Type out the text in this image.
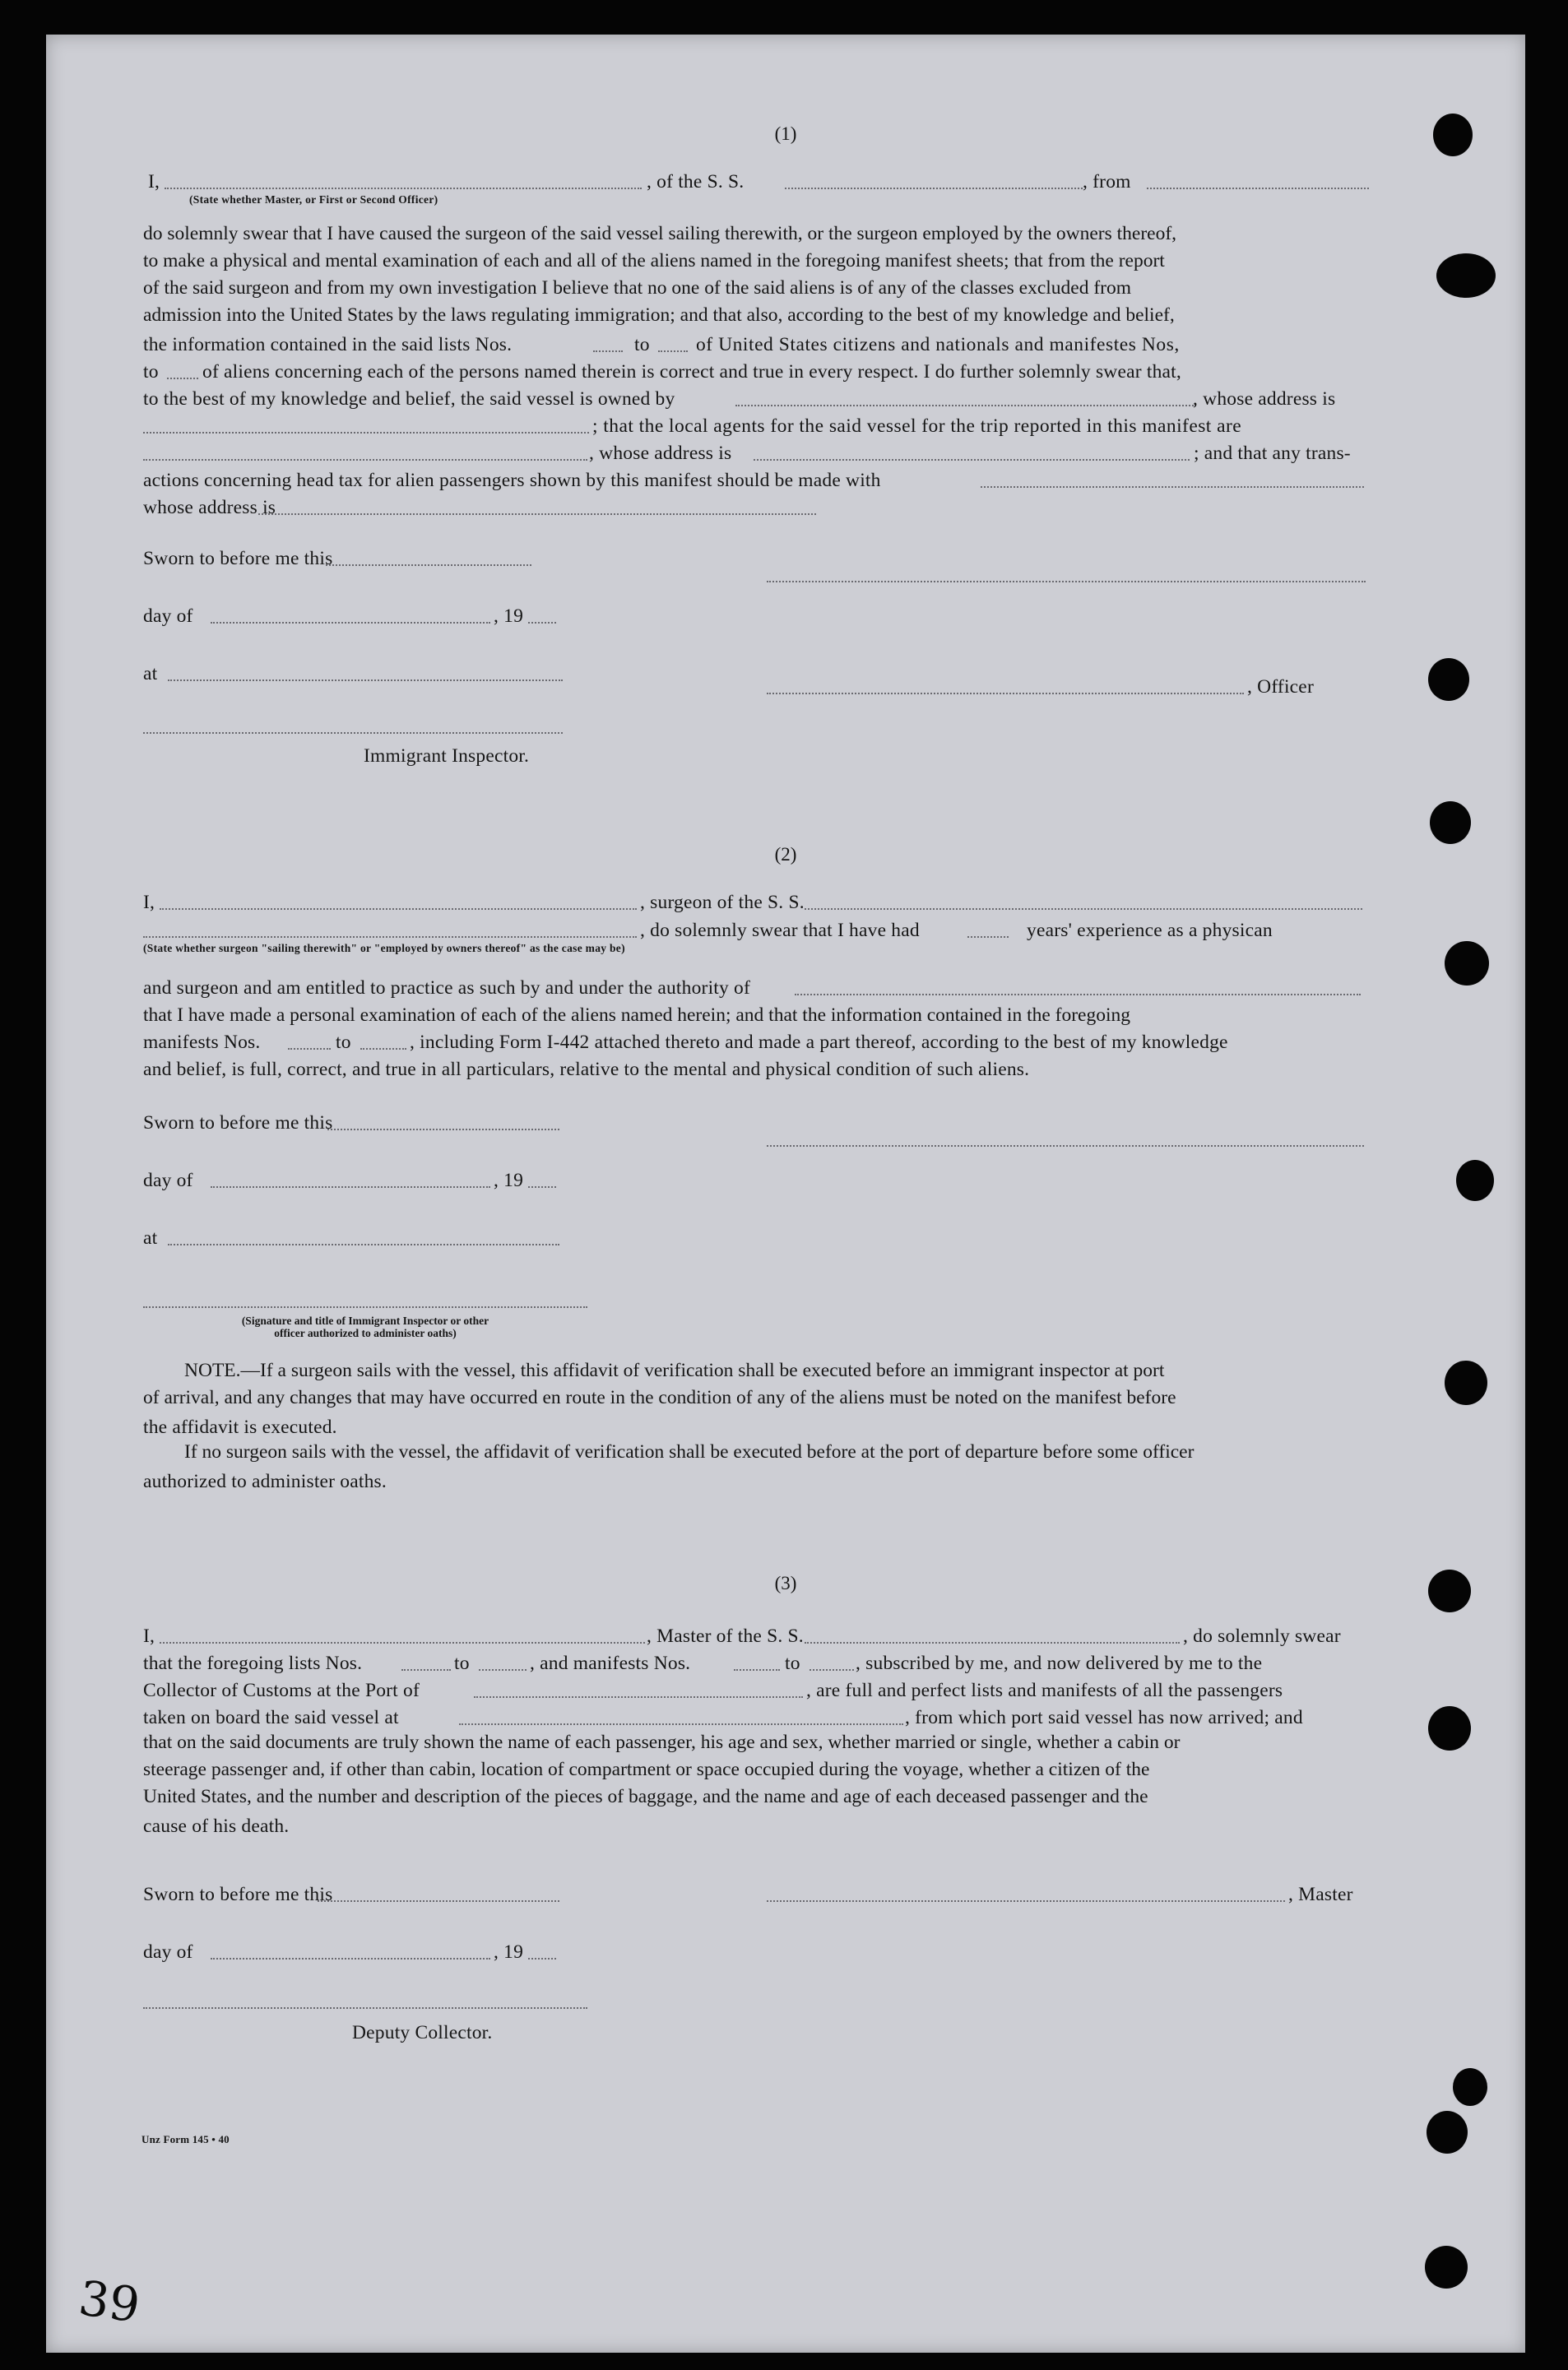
(1)
I,	, of the S. S.	, from
(State whether Master, or First or Second Officer)
do solemnly swear that I have caused the surgeon of the said vessel sailing therewith, or the surgeon employed by the owners thereof,
to make a physical and mental examination of each and all of the aliens named in the foregoing manifest sheets; that from the report
of the said surgeon and from my own investigation I believe that no one of the said aliens is of any of the classes excluded from
admission into the United States by the laws regulating immigration; and that also, according to the best of my knowledge and belief,
the information contained in the said lists Nos.	to of United States citizens and nationals and manifestes Nos,
to of aliens concerning each of the persons named therein is correct and true in every respect. I do further solemnly swear that,
to the best of my knowledge and belief, the said vessel is owned by	, whose address is
; that the local agents for the said vessel for the trip reported in this manifest are
, whose address is	; and that any trans-
actions concerning head tax for alien passengers shown by this manifest should be made with
whose address is
Sworn to before me this
day of	, 19
at
, Officer
Immigrant Inspector.
(2)
I,	, surgeon of the S. S.
, do solemnly swear that I have had	years' experience as a physican
(State whether surgeon "sailing therewith" or "employed by owners thereof" as the case may be)
and surgeon and am entitled to practice as such by and under the authority of
that I have made a personal examination of each of the aliens named herein; and that the information contained in the foregoing
manifests Nos.	to	, including Form I-442 attached thereto and made a part thereof, according to the best of my knowledge
and belief, is full, correct, and true in all particulars, relative to the mental and physical condition of such aliens.
Sworn to before me this
day of	, 19
at
(Signature and title of Immigrant Inspector or other
officer authorized to administer oaths)
NOTE.—If a surgeon sails with the vessel, this affidavit of verification shall be executed before an immigrant inspector at port
of arrival, and any changes that may have occurred en route in the condition of any of the aliens must be noted on the manifest before
the affidavit is executed.
If no surgeon sails with the vessel, the affidavit of verification shall be executed before at the port of departure before some officer
authorized to administer oaths.
(3)
I,	, Master of the S. S.	, do solemnly swear
that the foregoing lists Nos.	to	, and manifests Nos.	to	, subscribed by me, and now delivered by me to the
Collector of Customs at the Port of	, are full and perfect lists and manifests of all the passengers
taken on board the said vessel at	, from which port said vessel has now arrived; and
that on the said documents are truly shown the name of each passenger, his age and sex, whether married or single, whether a cabin or
steerage passenger and, if other than cabin, location of compartment or space occupied during the voyage, whether a citizen of the
United States, and the number and description of the pieces of baggage, and the name and age of each deceased passenger and the
cause of his death.
Sworn to before me this	, Master
day of	, 19
Deputy Collector.
Unz Form 145 • 40
39
